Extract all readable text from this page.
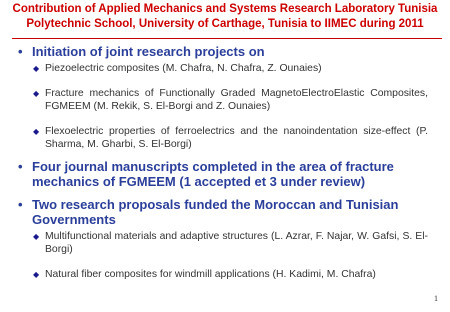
Contribution of Applied Mechanics and Systems Research Laboratory Tunisia
Polytechnic School, University of Carthage, Tunisia to IIMEC during 2011
• Initiation of joint research projects on
◆ Piezoelectric composites (M. Chafra, N. Chafra, Z. Ounaies)
◆ Fracture mechanics of Functionally Graded MagnetoElectroElastic Composites, FGMEEM (M. Rekik, S. El-Borgi and Z. Ounaies)
◆ Flexoelectric properties of ferroelectrics and the nanoindentation size-effect (P. Sharma, M. Gharbi, S. El-Borgi)
• Four journal manuscripts completed in the area of fracture mechanics of FGMEEM (1 accepted et 3 under review)
• Two research proposals funded the Moroccan and Tunisian Governments
◆ Multifunctional materials and adaptive structures (L. Azrar, F. Najar, W. Gafsi, S. El-Borgi)
◆ Natural fiber composites for windmill applications (H. Kadimi, M. Chafra)
1
